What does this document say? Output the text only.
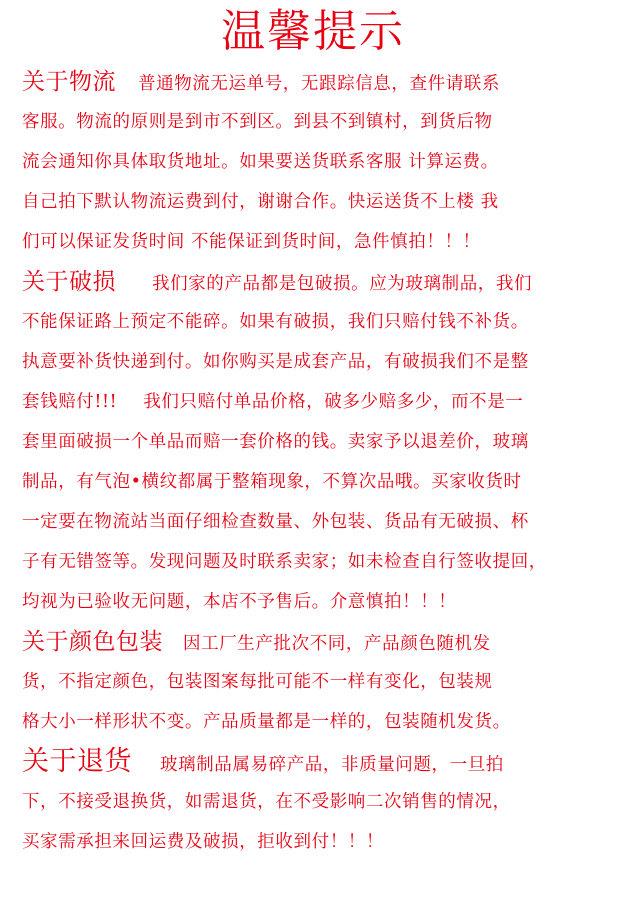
温馨提示
关于物流 普通物流无运单号，无跟踪信息，查件请联系
客服。物流的原则是到市不到区。到县不到镇村，到货后物
流会通知你具体取货地址。如果要送货联系客服 计算运费。
自己拍下默认物流运费到付，谢谢合作。快运送货不上楼 我
们可以保证发货时间 不能保证到货时间，急件慎拍！！！
关于破损 我们家的产品都是包破损。应为玻璃制品，我们
不能保证路上预定不能碎。如果有破损，我们只赔付钱不补货。
执意要补货快递到付。如你购买是成套产品，有破损我们不是整
套钱赔付!!! 我们只赔付单品价格，破多少赔多少，而不是一
套里面破损一个单品而赔一套价格的钱。卖家予以退差价，玻璃
制品，有气泡•横纹都属于整箱现象，不算次品哦。买家收货时
一定要在物流站当面仔细检查数量、外包装、货品有无破损、杯
子有无错签等。发现问题及时联系卖家；如未检查自行签收提回，
均视为已验收无问题，本店不予售后。介意慎拍！！！
关于颜色包装 因工厂生产批次不同，产品颜色随机发
货，不指定颜色，包装图案每批可能不一样有变化，包装规
格大小一样形状不变。产品质量都是一样的，包装随机发货。
关于退货 玻璃制品属易碎产品，非质量问题，一旦拍
下，不接受退换货，如需退货，在不受影响二次销售的情况，
买家需承担来回运费及破损，拒收到付！！！
